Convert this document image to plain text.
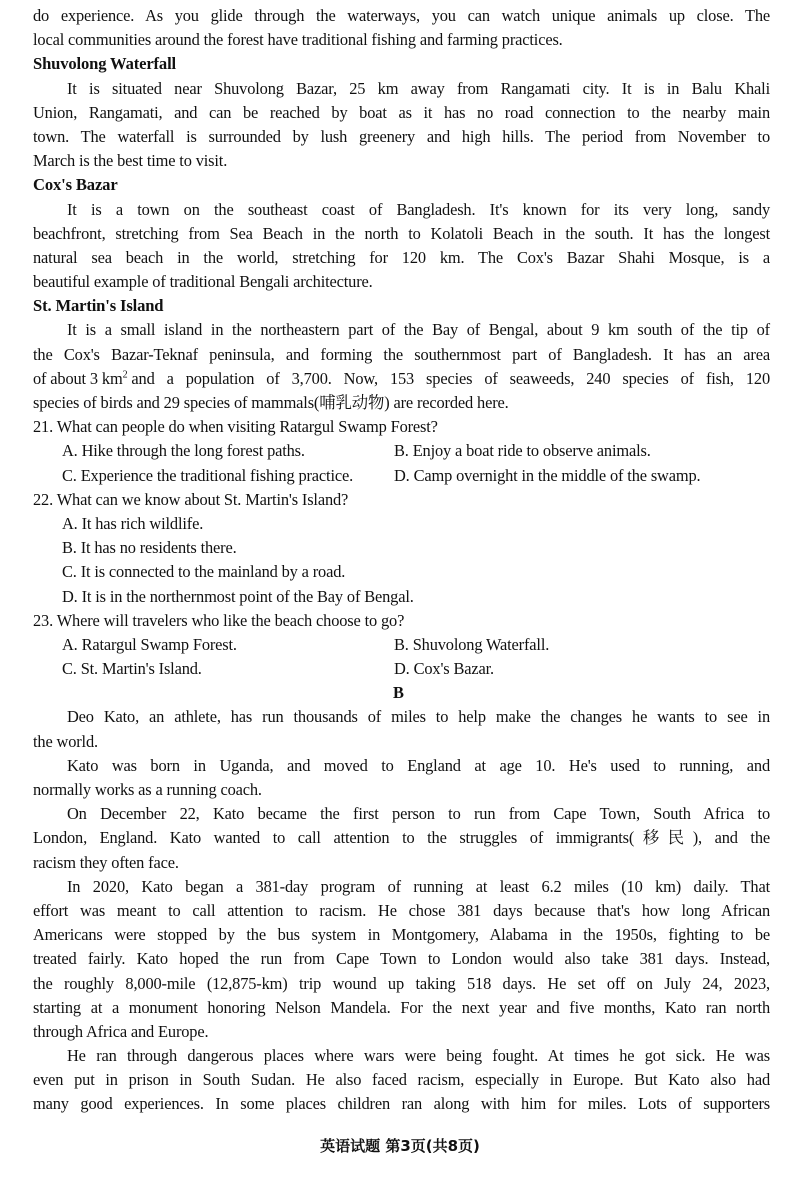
do experience. As you glide through the waterways, you can watch unique animals up close. The
local communities around the forest have traditional fishing and farming practices.
Shuvolong Waterfall
It is situated near Shuvolong Bazar, 25 km away from Rangamati city. It is in Balu Khali
Union, Rangamati, and can be reached by boat as it has no road connection to the nearby main
town. The waterfall is surrounded by lush greenery and high hills. The period from November to
March is the best time to visit.
Cox's Bazar
It is a town on the southeast coast of Bangladesh. It's known for its very long, sandy
beachfront, stretching from Sea Beach in the north to Kolatoli Beach in the south. It has the longest
natural sea beach in the world, stretching for 120 km. The Cox's Bazar Shahi Mosque, is a
beautiful example of traditional Bengali architecture.
St. Martin's Island
It is a small island in the northeastern part of the Bay of Bengal, about 9 km south of the tip of
the Cox's Bazar-Teknaf peninsula, and forming the southernmost part of Bangladesh. It has an area
of about 3 $km^2$ and a population of 3,700. Now, 153 species of seaweeds, 240 species of fish, 120
species of birds and 29 species of mammals(哺乳动物) are recorded here.
21. What can people do when visiting Ratargul Swamp Forest?
A. Hike through the long forest paths.	B. Enjoy a boat ride to observe animals.
C. Experience the traditional fishing practice.	D. Camp overnight in the middle of the swamp.
22. What can we know about St. Martin's Island?
A. It has rich wildlife.
B. It has no residents there.
C. It is connected to the mainland by a road.
D. It is in the northernmost point of the Bay of Bengal.
23. Where will travelers who like the beach choose to go?
A. Ratargul Swamp Forest.	B. Shuvolong Waterfall.
C. St. Martin's Island.	D. Cox's Bazar.
B
Deo Kato, an athlete, has run thousands of miles to help make the changes he wants to see in
the world.
Kato was born in Uganda, and moved to England at age 10. He's used to running, and
normally works as a running coach.
On December 22, Kato became the first person to run from Cape Town, South Africa to
London, England. Kato wanted to call attention to the struggles of immigrants(移民), and the
racism they often face.
In 2020, Kato began a 381-day program of running at least 6.2 miles (10 km) daily. That
effort was meant to call attention to racism. He chose 381 days because that's how long African
Americans were stopped by the bus system in Montgomery, Alabama in the 1950s, fighting to be
treated fairly. Kato hoped the run from Cape Town to London would also take 381 days. Instead,
the roughly 8,000-mile (12,875-km) trip wound up taking 518 days. He set off on July 24, 2023,
starting at a monument honoring Nelson Mandela. For the next year and five months, Kato ran north
through Africa and Europe.
He ran through dangerous places where wars were being fought. At times he got sick. He was
even put in prison in South Sudan. He also faced racism, especially in Europe. But Kato also had
many good experiences. In some places children ran along with him for miles. Lots of supporters
英语试题 第3页(共8页)
